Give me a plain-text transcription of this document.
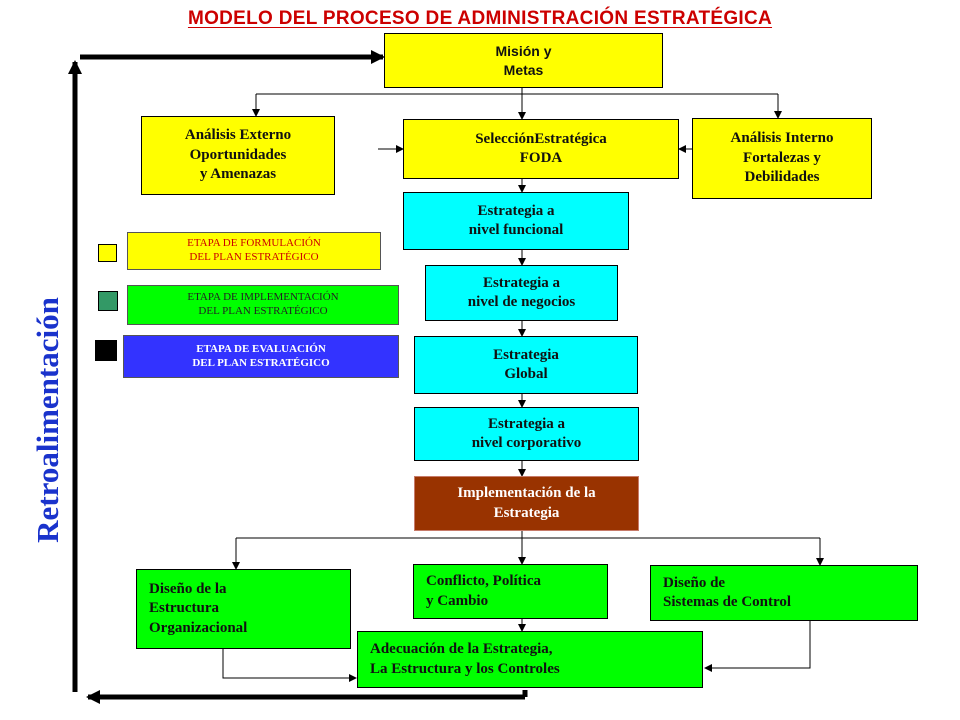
MODELO DEL PROCESO DE ADMINISTRACIÓN ESTRATÉGICA
Retroalimentación
Misión y
Metas
Análisis Externo
Oportunidades
y Amenazas
SelecciónEstratégica
FODA
Análisis Interno
Fortalezas y
Debilidades
Estrategia a
nivel funcional
Estrategia a
nivel de negocios
Estrategia
Global
Estrategia a
nivel corporativo
Implementación de la
Estrategia
Diseño de la
Estructura
Organizacional
Conflicto, Política
y Cambio
Diseño de
Sistemas de Control
Adecuación de la Estrategia,
La Estructura y los Controles
ETAPA DE FORMULACIÓN
DEL PLAN ESTRATÉGICO
ETAPA DE IMPLEMENTACIÓN
DEL PLAN ESTRATÉGICO
ETAPA DE EVALUACIÓN
DEL PLAN ESTRATÉGICO
